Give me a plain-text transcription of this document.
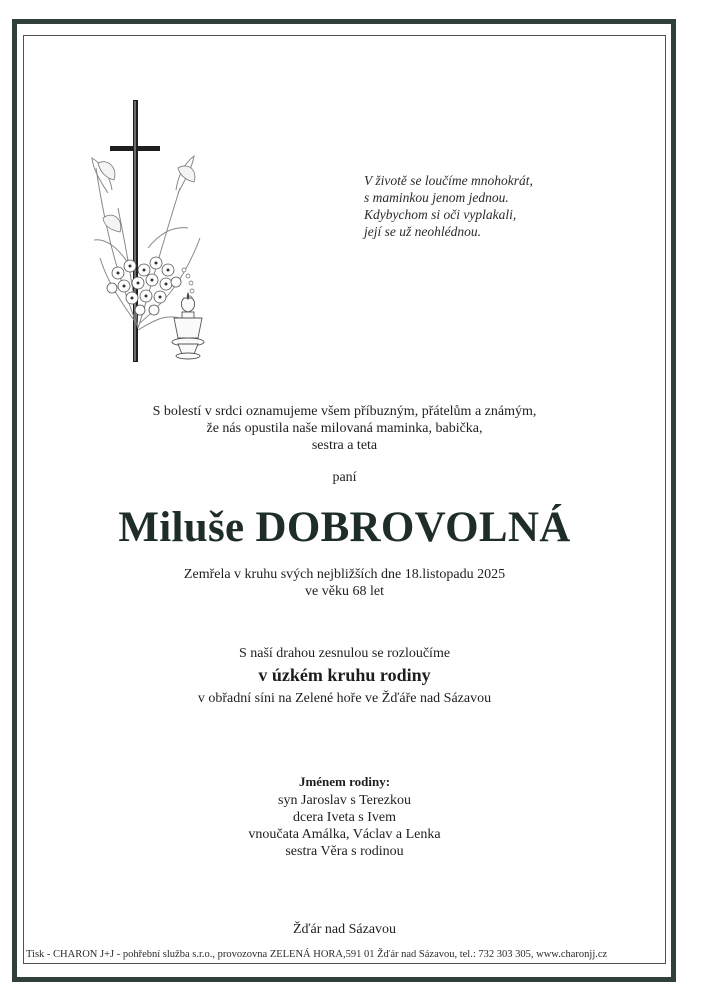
V životě se loučíme mnohokrát,
s maminkou jenom jednou.
Kdybychom si oči vyplakali,
její se už neohlédnou.
S bolestí v srdci oznamujeme všem příbuzným, přátelům a známým,
že nás opustila naše milovaná maminka, babička,
sestra a teta
paní
Miluše DOBROVOLNÁ
Zemřela v kruhu svých nejbližších dne 18.listopadu 2025
ve věku 68 let
S naší drahou zesnulou se rozloučíme
v úzkém kruhu rodiny
v obřadní síni na Zelené hoře ve Žďáře nad Sázavou
Jménem rodiny:
syn Jaroslav s Terezkou
dcera Iveta s Ivem
vnoučata Amálka, Václav a Lenka
sestra Věra s rodinou
Žďár nad Sázavou
Tisk - CHARON J+J - pohřební služba s.r.o., provozovna ZELENÁ HORA,591 01 Žďár nad Sázavou, tel.: 732 303 305, www.charonjj.cz
